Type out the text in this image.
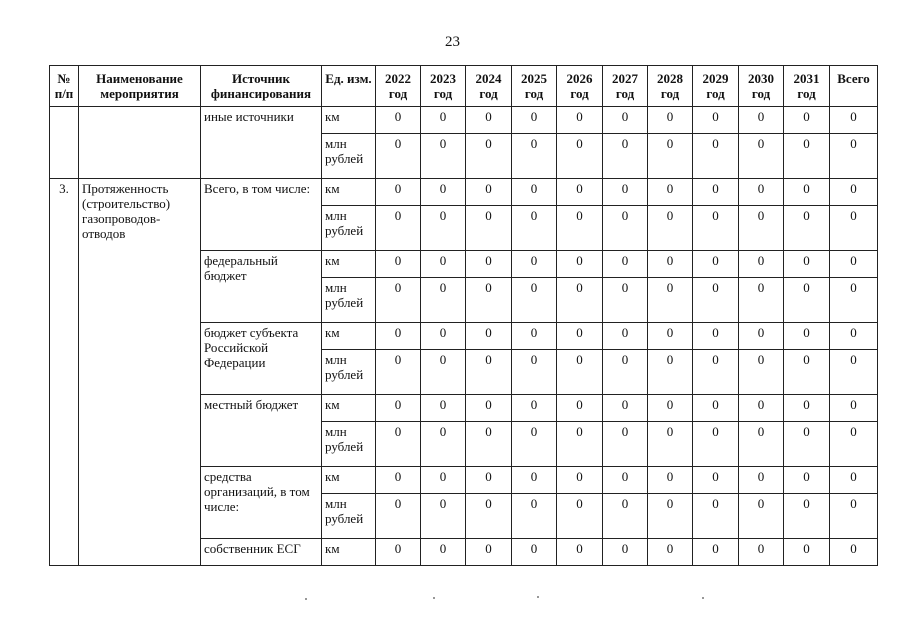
23
№ п/п	Наименование мероприятия	Источник финансирования	Ед. изм.	2022 год	2023 год	2024 год	2025 год	2026 год	2027 год	2028 год	2029 год	2030 год	2031 год	Всего
		иные источники	км	0	0	0	0	0	0	0	0	0	0	0
			млн рублей	0	0	0	0	0	0	0	0	0	0	0
3.	Протяженность (строительство) газопроводов-отводов	Всего, в том числе:	км	0	0	0	0	0	0	0	0	0	0	0
			млн рублей	0	0	0	0	0	0	0	0	0	0	0
		федеральный бюджет	км	0	0	0	0	0	0	0	0	0	0	0
			млн рублей	0	0	0	0	0	0	0	0	0	0	0
		бюджет субъекта Российской Федерации	км	0	0	0	0	0	0	0	0	0	0	0
			млн рублей	0	0	0	0	0	0	0	0	0	0	0
		местный бюджет	км	0	0	0	0	0	0	0	0	0	0	0
			млн рублей	0	0	0	0	0	0	0	0	0	0	0
		средства организаций, в том числе:	км	0	0	0	0	0	0	0	0	0	0	0
			млн рублей	0	0	0	0	0	0	0	0	0	0	0
		собственник ЕСГ	км	0	0	0	0	0	0	0	0	0	0	0
